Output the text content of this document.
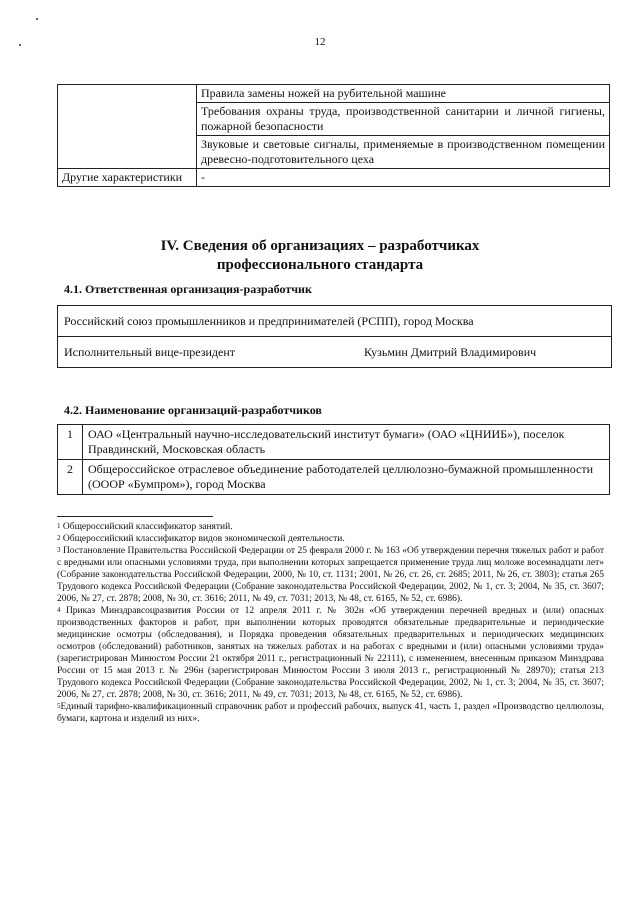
12
	Правила замены ножей на рубительной машине
	Требования охраны труда, производственной санитарии и личной гигиены, пожарной безопасности
	Звуковые и световые сигналы, применяемые в производственном помещении древесно-подготовительного цеха
Другие характеристики	-
IV. Сведения об организациях – разработчиках
профессионального стандарта
4.1. Ответственная организация-разработчик
Российский союз промышленников и предпринимателей (РСПП), город Москва
Исполнительный вице-президент	Кузьмин Дмитрий Владимирович
4.2. Наименование организаций-разработчиков
1	ОАО «Центральный научно-исследовательский институт бумаги» (ОАО «ЦНИИБ»), поселок Правдинский, Московская область
2	Общероссийское отраслевое объединение работодателей целлюлозно-бумажной промышленности (ОООР «Бумпром»), город Москва

$^1$ Общероссийский классификатор занятий.

$^2$ Общероссийский классификатор видов экономической деятельности.

$^3$ Постановление Правительства Российской Федерации от 25 февраля 2000 г. № 163 «Об утверждении перечня тяжелых работ и работ с вредными или опасными условиями труда, при выполнении которых запрещается применение труда лиц моложе восемнадцати лет» (Собрание законодательства Российской Федерации, 2000, № 10, ст. 1131; 2001, № 26, ст. 26, ст. 2685; 2011, № 26, ст. 3803); статья 265 Трудового кодекса Российской Федерации (Собрание законодательства Российской Федерации, 2002, № 1, ст. 3; 2004, № 35, ст. 3607; 2006, № 27, ст. 2878; 2008, № 30, ст. 3616; 2011, № 49, ст. 7031; 2013, № 48, ст. 6165, № 52, ст. 6986).

$^4$ Приказ Минздравсоцразвития России от 12 апреля 2011 г. № 302н «Об утверждении перечней вредных и (или) опасных производственных факторов и работ, при выполнении которых проводятся обязательные предварительные и периодические медицинские осмотры (обследования), и Порядка проведения обязательных предварительных и периодических медицинских осмотров (обследований) работников, занятых на тяжелых работах и на работах с вредными и (или) опасными условиями труда» (зарегистрирован Минюстом России 21 октября 2011 г., регистрационный № 22111), с изменением, внесенным приказом Минздрава России от 15 мая 2013 г. № 296н (зарегистрирован Минюстом России 3 июля 2013 г., регистрационный № 28970); статья 213 Трудового кодекса Российской Федерации (Собрание законодательства Российской Федерации, 2002, № 1, ст. 3; 2004, № 35, ст. 3607; 2006, № 27, ст. 2878; 2008, № 30, ст. 3616; 2011, № 49, ст. 7031; 2013, № 48, ст. 6165, № 52, ст. 6986).

$^5$Единый тарифно-квалификационный справочник работ и профессий рабочих, выпуск 41, часть 1, раздел «Производство целлюлозы, бумаги, картона и изделий из них».
